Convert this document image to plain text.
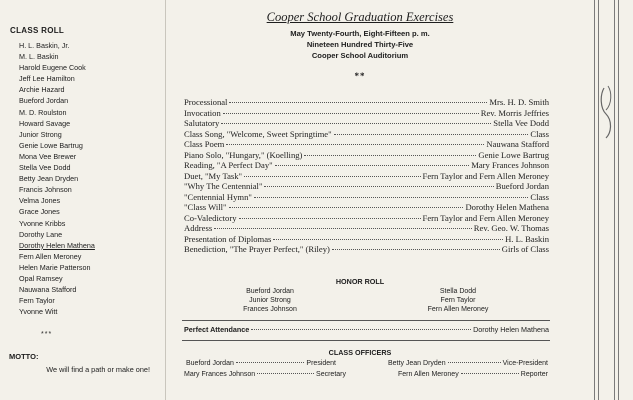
CLASS ROLL
H. L. Baskin, Jr.
M. L. Baskin
Harold Eugene Cook
Jeff Lee Hamilton
Archie Hazard
Bueford Jordan
M. D. Roulston
Howard Savage
Junior Strong
Genie Lowe Bartrug
Mona Vee Brewer
Stella Vee Dodd
Betty Jean Dryden
Francis Johnson
Velma Jones
Grace Jones
Yvonne Kribbs
Dorothy Lane
Dorothy Helen Mathena
Fern Allen Meroney
Helen Marie Patterson
Opal Ramsey
Nauwana Stafford
Fern Taylor
Yvonne Witt
***
MOTTO:
We will find a path or make one!
Cooper School Graduation Exercises
May Twenty-Fourth, Eight-Fifteen p. m.
Nineteen Hundred Thirty-Five
Cooper School Auditorium
**
Processional	Mrs. H. D. Smith
Invocation	Rev. Morris Jeffries
Salutatory	Stella Vee Dodd
Class Song, "Welcome, Sweet Springtime"	Class
Class Poem	Nauwana Stafford
Piano Solo, "Hungary," (Koelling)	Genie Lowe Bartrug
Reading, "A Perfect Day"	Mary Frances Johnson
Duet, "My Task"	Fern Taylor and Fern Allen Meroney
"Why The Centennial"	Bueford Jordan
"Centennial Hymn"	Class
"Class Will"	Dorothy Helen Mathena
Co-Valedictory	Fern Taylor and Fern Allen Meroney
Address	Rev. Geo. W. Thomas
Presentation of Diplomas	H. L. Baskin
Benediction, "The Prayer Perfect," (Riley)	Girls of Class
HONOR ROLL
Bueford Jordan
Junior Strong
Frances Johnson
Stella Dodd
Fern Taylor
Fern Allen Meroney
Perfect Attendance	Dorothy Helen Mathena
CLASS OFFICERS
Bueford Jordan	President	Betty Jean Dryden	Vice-President
Mary Frances Johnson	Secretary	Fern Allen Meroney	Reporter
